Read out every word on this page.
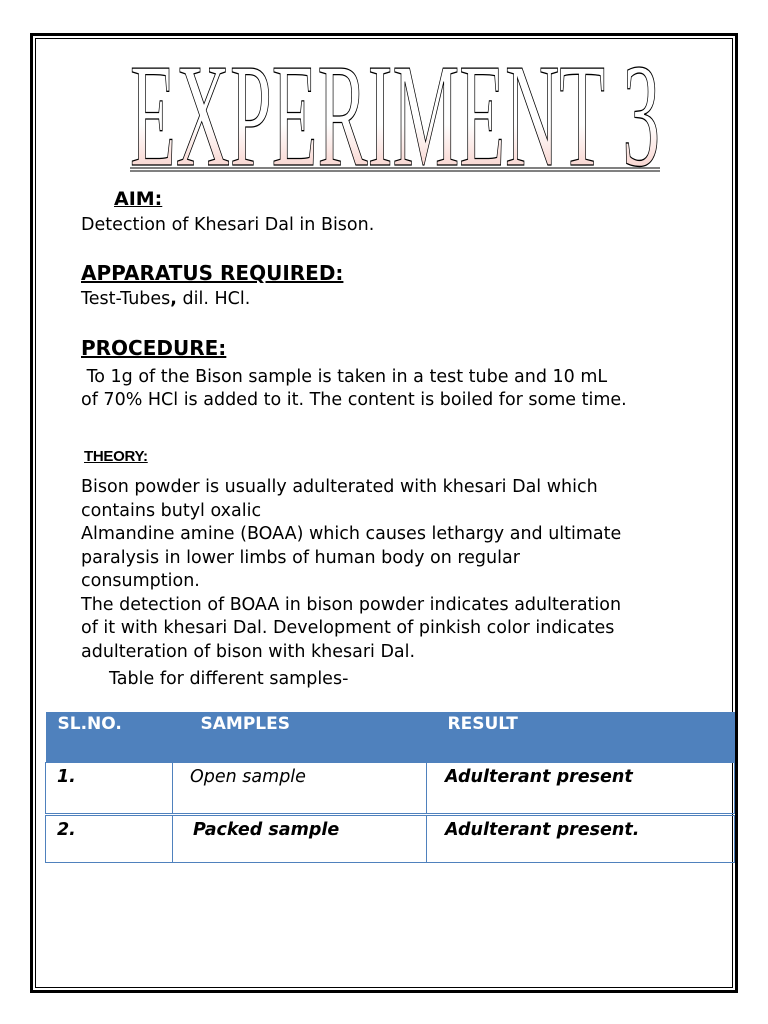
EXPERIMENT 3
AIM:

Detection of Khesari Dal in Bison.

APPARATUS REQUIRED:

Test-Tubes, dil. HCl.

PROCEDURE:
To 1g of the Bison sample is taken in a test tube and 10 mL
of 70% HCl is added to it. The content is boiled for some time.
THEORY:
Bison powder is usually adulterated with khesari Dal which
contains butyl oxalic
Almandine amine (BOAA) which causes lethargy and ultimate
paralysis in lower limbs of human body on regular
consumption.
The detection of BOAA in bison powder indicates adulteration
of it with khesari Dal. Development of pinkish color indicates
adulteration of bison with khesari Dal.

Table for different samples-

SL.NO.	SAMPLES	RESULT
1.	Open sample	Adulterant present
2.	Packed sample	Adulterant present.
